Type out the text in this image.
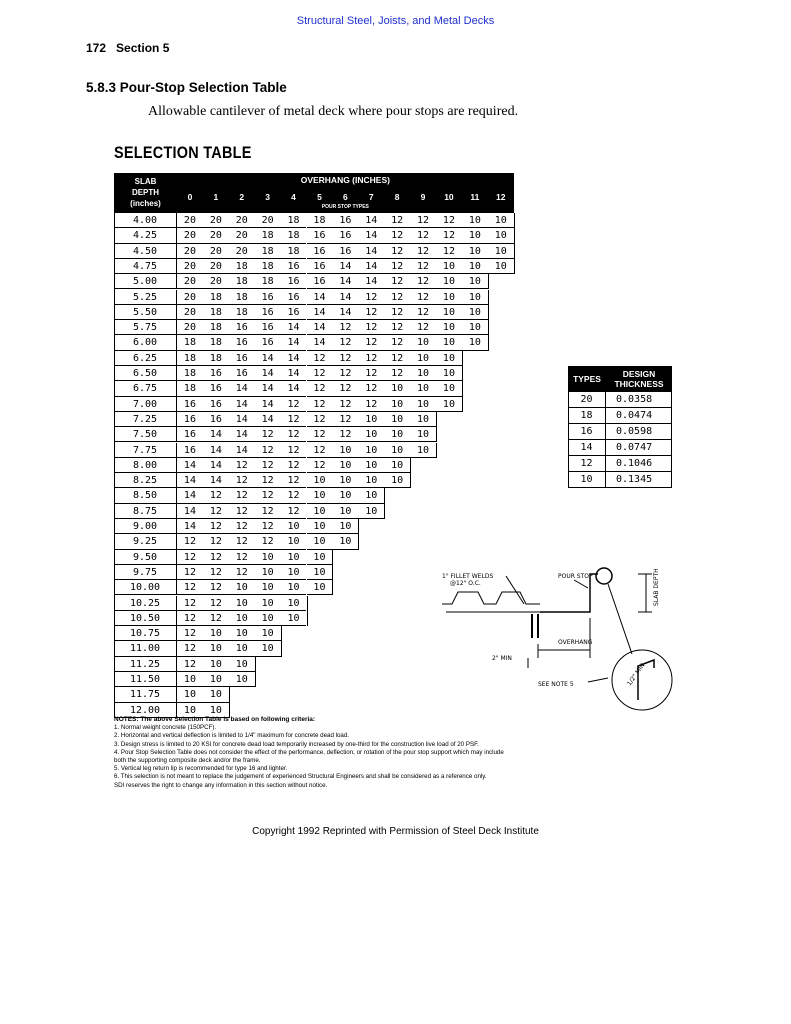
Structural Steel, Joists, and Metal Decks
172 Section 5
5.8.3 Pour-Stop Selection Table
Allowable cantilever of metal deck where pour stops are required.
SELECTION TABLE
SLAB
DEPTH
(inches)
OVERHANG (INCHES)
POUR STOP TYPES
0	1	2	3	4	5	6	7	8	9	10	11	12
4.00	20	20	20	20	18	18	16	14	12	12	12	10	10
4.25	20	20	20	18	18	16	16	14	12	12	12	10	10
4.50	20	20	20	18	18	16	16	14	12	12	12	10	10
4.75	20	20	18	18	16	16	14	14	12	12	10	10	10
5.00	20	20	18	18	16	16	14	14	12	12	10	10
5.25	20	18	18	16	16	14	14	12	12	12	10	10
5.50	20	18	18	16	16	14	14	12	12	12	10	10
5.75	20	18	16	16	14	14	12	12	12	12	10	10
6.00	18	18	16	16	14	14	12	12	12	10	10	10
6.25	18	18	16	14	14	12	12	12	12	10	10
6.50	18	16	16	14	14	12	12	12	12	10	10
6.75	18	16	14	14	14	12	12	12	10	10	10
7.00	16	16	14	14	12	12	12	12	10	10	10
7.25	16	16	14	14	12	12	12	10	10	10
7.50	16	14	14	12	12	12	12	10	10	10
7.75	16	14	14	12	12	12	10	10	10	10
8.00	14	14	12	12	12	12	10	10	10
8.25	14	14	12	12	12	10	10	10	10
8.50	14	12	12	12	12	10	10	10
8.75	14	12	12	12	12	10	10	10
9.00	14	12	12	12	10	10	10
9.25	12	12	12	12	10	10	10
9.50	12	12	12	10	10	10
9.75	12	12	12	10	10	10
10.00	12	12	10	10	10	10
10.25	12	12	10	10	10
10.50	12	12	10	10	10
10.75	12	10	10	10
11.00	12	10	10	10
11.25	12	10	10
11.50	10	10	10
11.75	10	10
12.00	10	10
TYPES	DESIGN THICKNESS
20	0.0358
18	0.0474
16	0.0598
14	0.0747
12	0.1046
10	0.1345
1" FILLET WELDS
@12" O.C.
POUR STOP	SLAB DEPTH
OVERHANG
2" MIN
SEE NOTE 5	1/2" MIN
NOTES: The above Selection Table is based on following criteria:
1. Normal weight concrete (150PCF).
2. Horizontal and vertical deflection is limited to 1/4" maximum for concrete dead load.
3. Design stress is limited to 20 KSI for concrete dead load temporarily increased by one-third for the construction live load of 20 PSF.
4. Pour Stop Selection Table does not consider the effect of the performance, deflection, or rotation of the pour stop support which may include
both the supporting composite deck and/or the frame.
5. Vertical leg return lip is recommended for type 16 and lighter.
6. This selection is not meant to replace the judgement of experienced Structural Engineers and shall be considered as a reference only.
SDI reserves the right to change any information in this section without notice.
Copyright 1992 Reprinted with Permission of Steel Deck Institute
